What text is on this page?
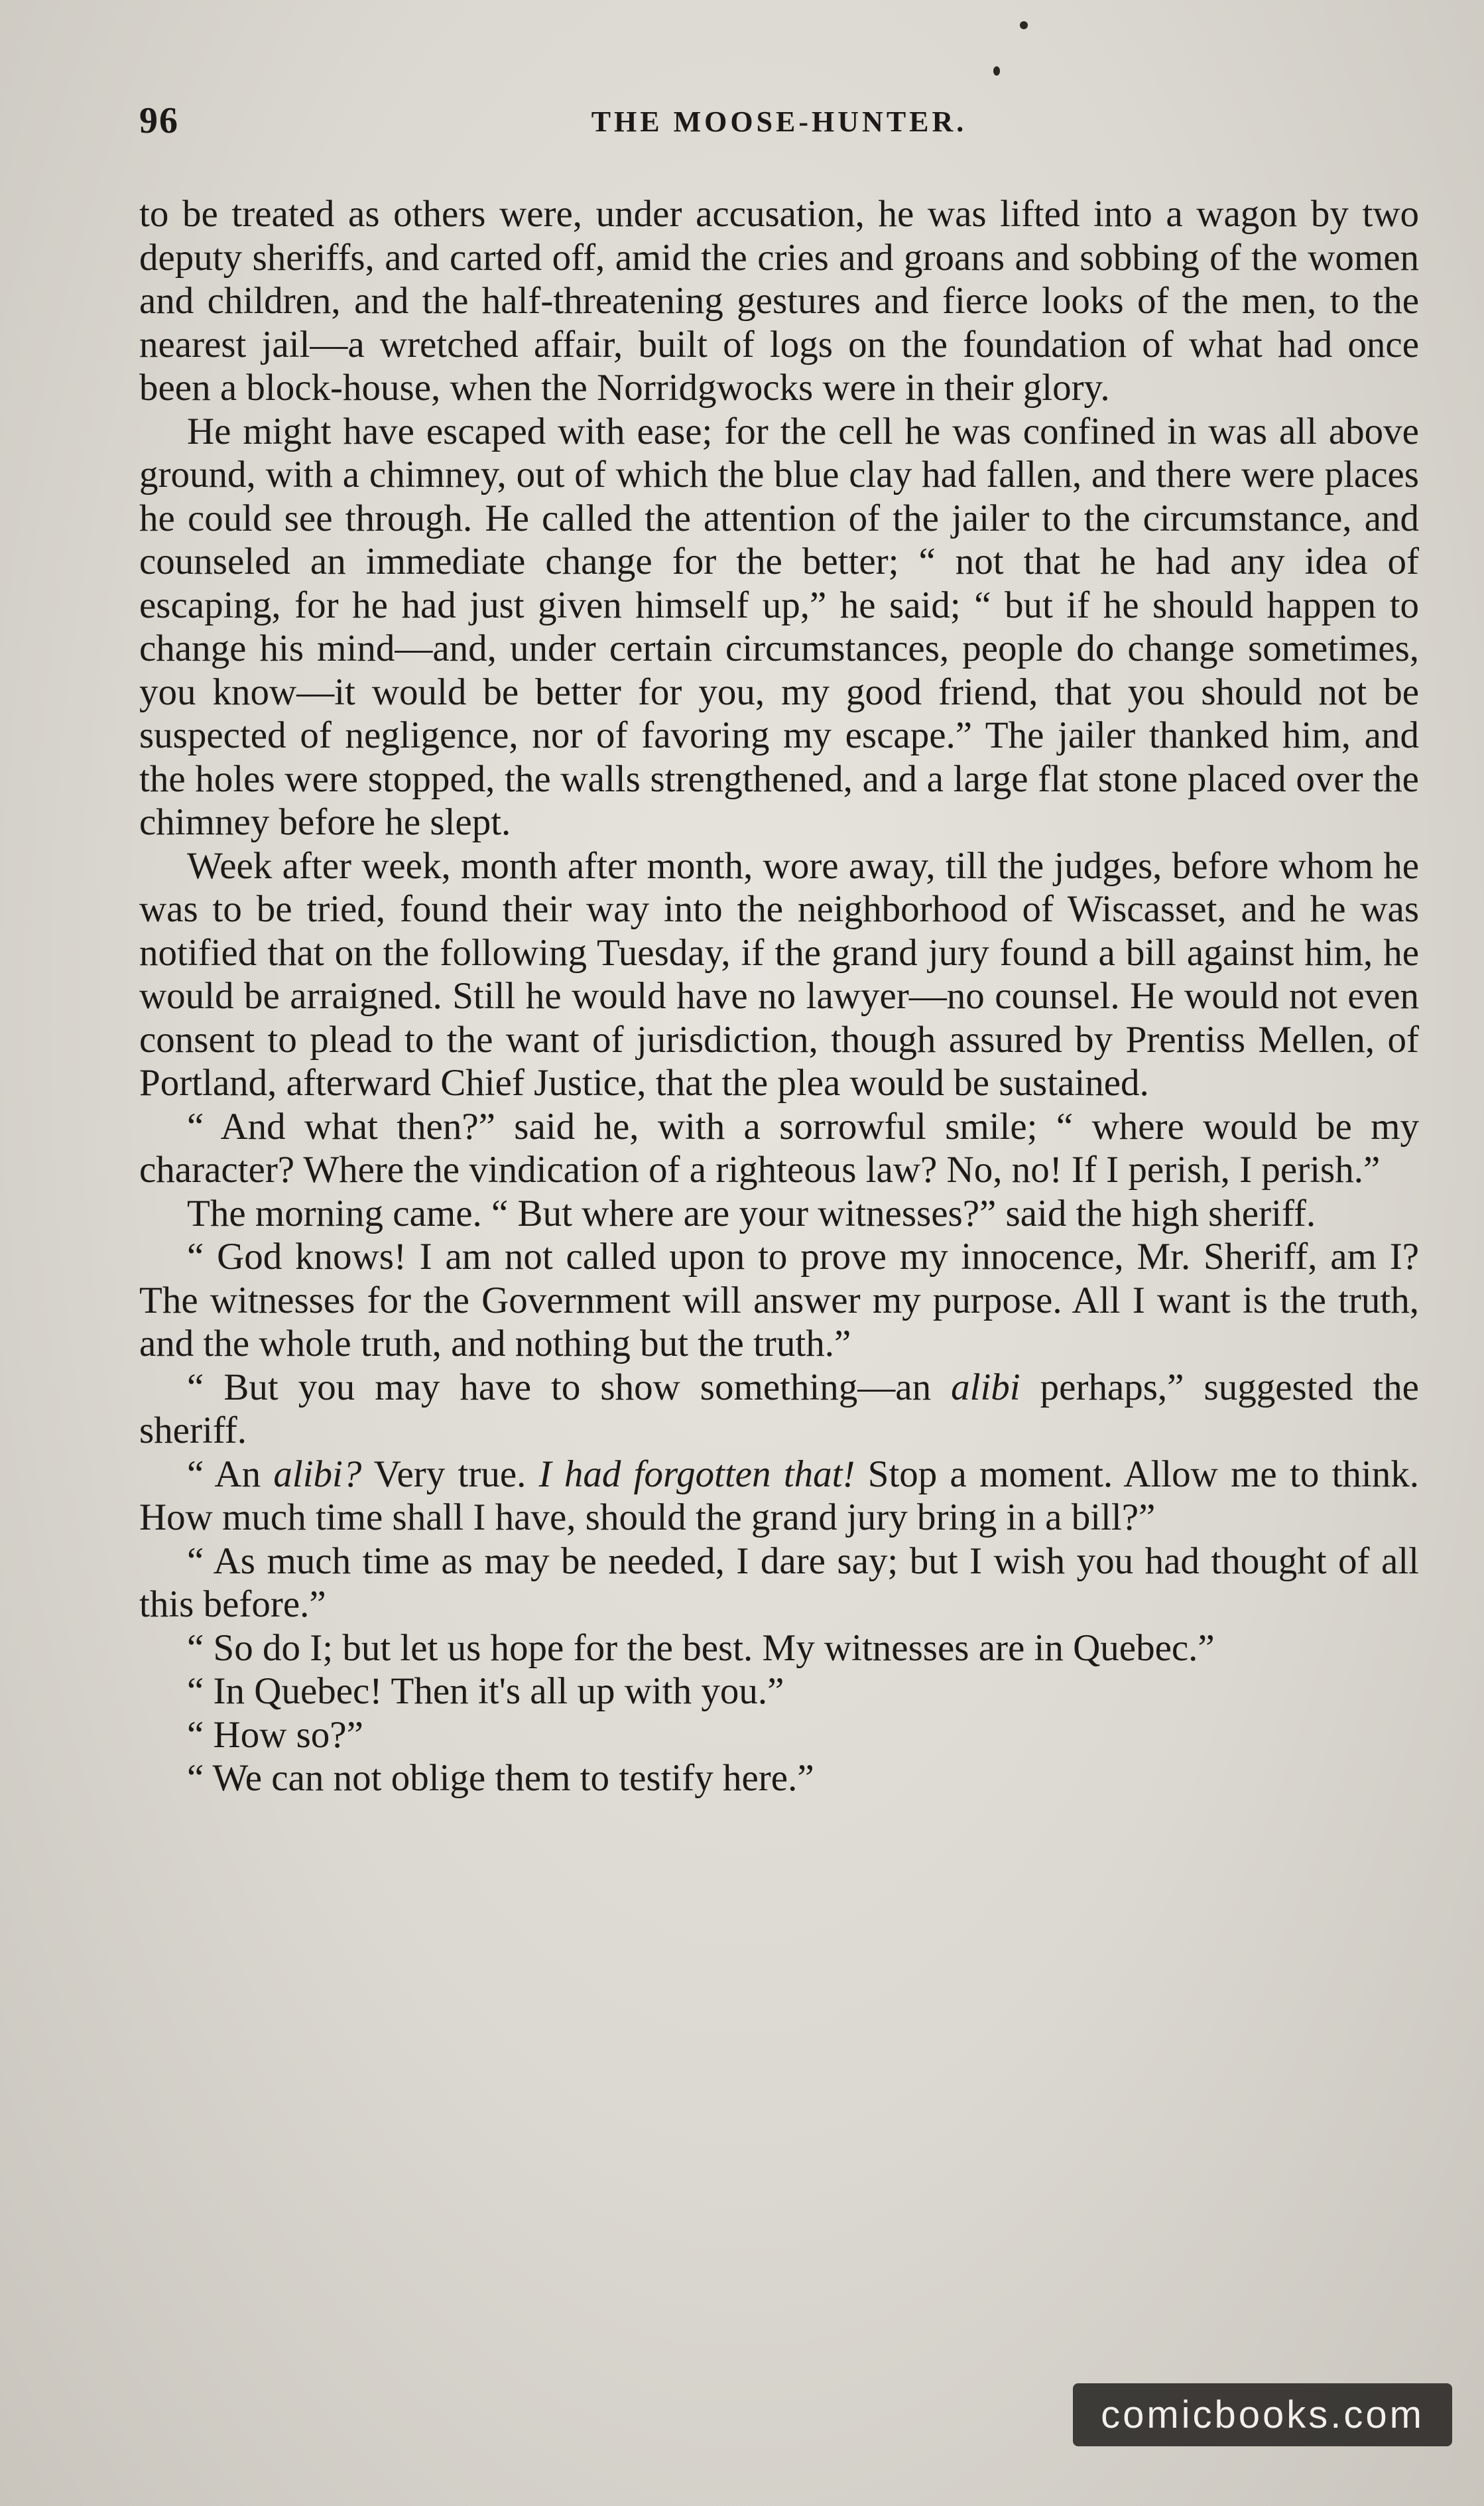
96	THE MOOSE-HUNTER.

to be treated as others were, under accusation, he was lifted into a wagon by two deputy sheriffs, and carted off, amid the cries and groans and sobbing of the women and children, and the half-threatening gestures and fierce looks of the men, to the nearest jail—a wretched affair, built of logs on the foundation of what had once been a block-house, when the Norridgwocks were in their glory.

He might have escaped with ease; for the cell he was confined in was all above ground, with a chimney, out of which the blue clay had fallen, and there were places he could see through. He called the attention of the jailer to the circumstance, and counseled an immediate change for the better; “ not that he had any idea of escaping, for he had just given himself up,” he said; “ but if he should happen to change his mind—and, under certain circumstances, people do change sometimes, you know—it would be better for you, my good friend, that you should not be suspected of negligence, nor of favoring my escape.” The jailer thanked him, and the holes were stopped, the walls strengthened, and a large flat stone placed over the chimney before he slept.

Week after week, month after month, wore away, till the judges, before whom he was to be tried, found their way into the neighborhood of Wiscasset, and he was notified that on the following Tuesday, if the grand jury found a bill against him, he would be arraigned. Still he would have no lawyer—no counsel. He would not even consent to plead to the want of jurisdiction, though assured by Prentiss Mellen, of Portland, afterward Chief Justice, that the plea would be sustained.

“ And what then?” said he, with a sorrowful smile; “ where would be my character? Where the vindication of a righteous law? No, no! If I perish, I perish.”

The morning came. “ But where are your witnesses?” said the high sheriff.

“ God knows! I am not called upon to prove my innocence, Mr. Sheriff, am I? The witnesses for the Government will answer my purpose. All I want is the truth, and the whole truth, and nothing but the truth.”

“ But you may have to show something—an alibi perhaps,” suggested the sheriff.

“ An alibi? Very true. I had forgotten that! Stop a moment. Allow me to think. How much time shall I have, should the grand jury bring in a bill?”

“ As much time as may be needed, I dare say; but I wish you had thought of all this before.”

“ So do I; but let us hope for the best. My witnesses are in Quebec.”

“ In Quebec! Then it's all up with you.”

“ How so?”

“ We can not oblige them to testify here.”

comicbooks.com
